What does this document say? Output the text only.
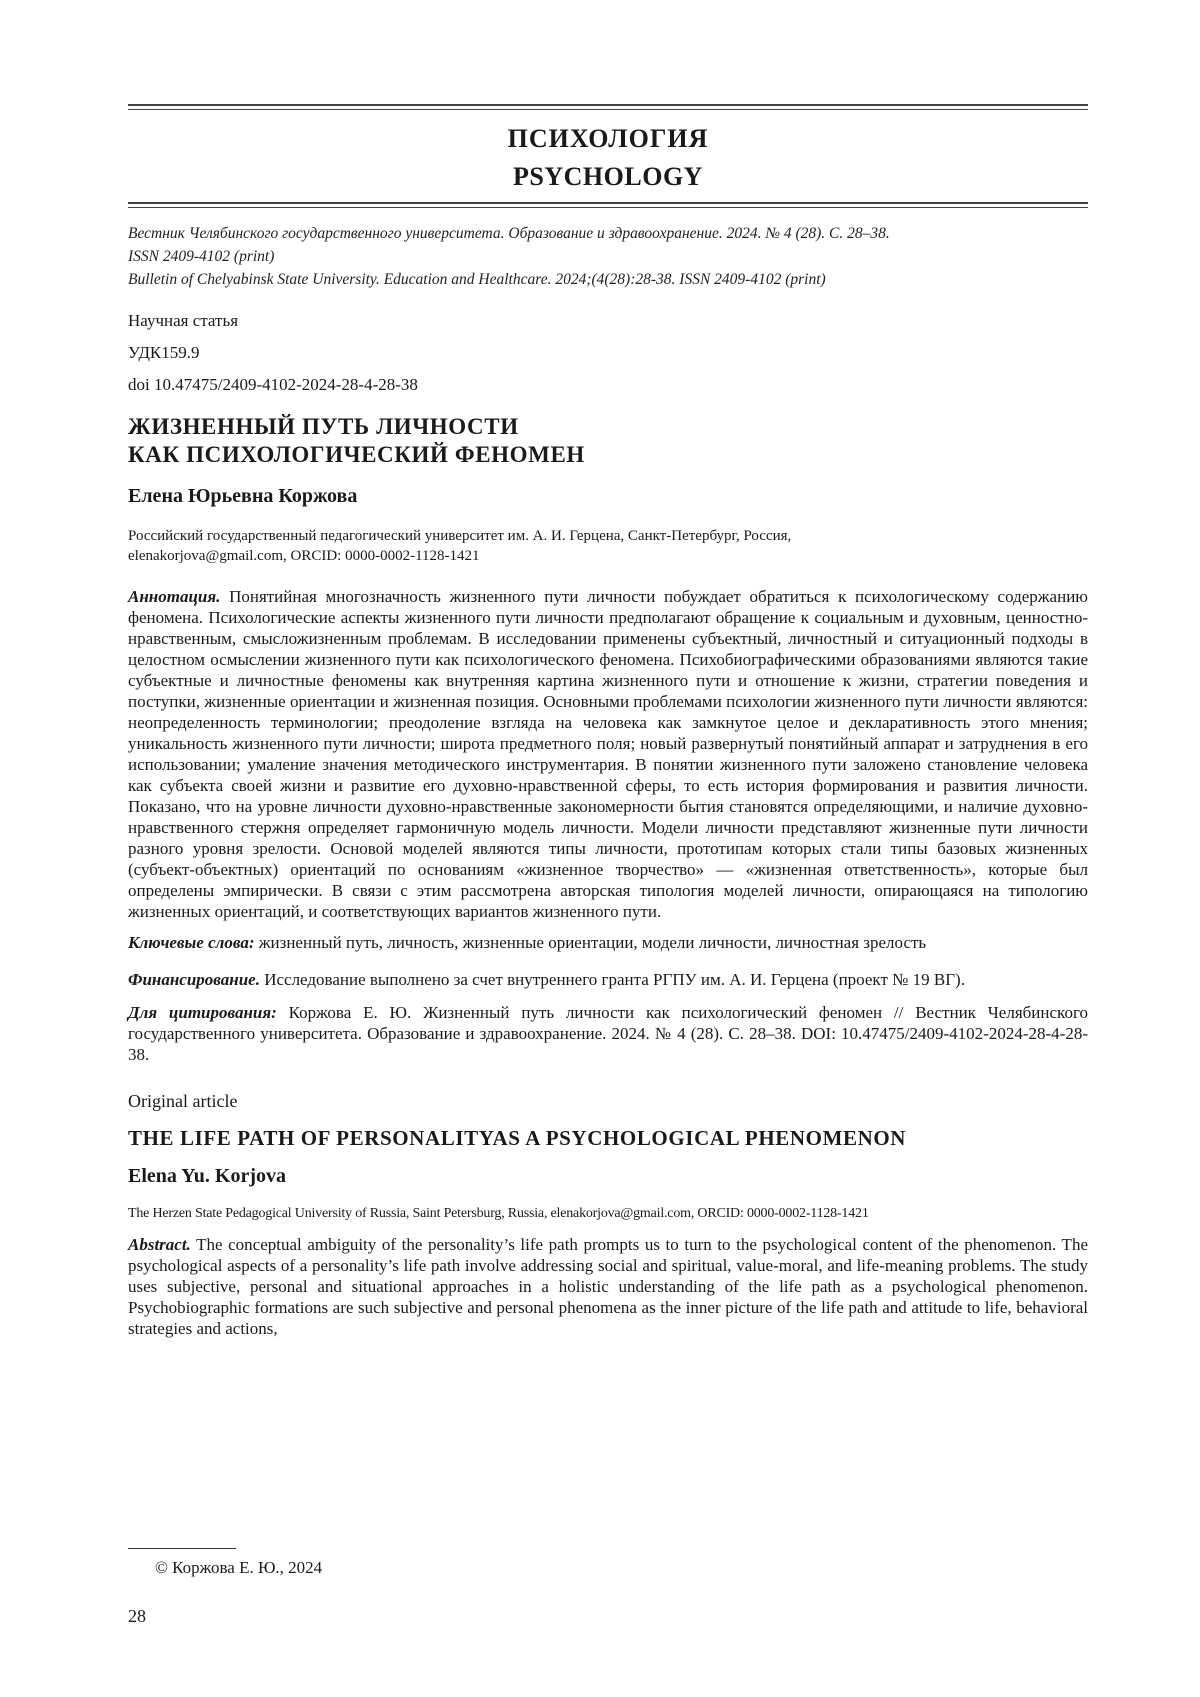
ПСИХОЛОГИЯ
PSYCHOLOGY
Вестник Челябинского государственного университета. Образование и здравоохранение. 2024. № 4 (28). С. 28–38.
ISSN 2409-4102 (print)
Bulletin of Chelyabinsk State University. Education and Healthcare. 2024;(4(28):28-38. ISSN 2409-4102 (print)
Научная статья
УДК159.9
doi 10.47475/2409-4102-2024-28-4-28-38
ЖИЗНЕННЫЙ ПУТЬ ЛИЧНОСТИ
КАК ПСИХОЛОГИЧЕСКИЙ ФЕНОМЕН
Елена Юрьевна Коржова
Российский государственный педагогический университет им. А. И. Герцена, Санкт-Петербург, Россия,
elenakorjova@gmail.com, ORCID: 0000-0002-1128-1421
Аннотация. Понятийная многозначность жизненного пути личности побуждает обратиться к психологическому содержанию феномена. Психологические аспекты жизненного пути личности предполагают обращение к социальным и духовным, ценностно-нравственным, смысложизненным проблемам. В исследовании применены субъектный, личностный и ситуационный подходы в целостном осмыслении жизненного пути как психологического феномена. Психобиографическими образованиями являются такие субъектные и личностные феномены как внутренняя картина жизненного пути и отношение к жизни, стратегии поведения и поступки, жизненные ориентации и жизненная позиция. Основными проблемами психологии жизненного пути личности являются: неопределенность терминологии; преодоление взгляда на человека как замкнутое целое и декларативность этого мнения; уникальность жизненного пути личности; широта предметного поля; новый развернутый понятийный аппарат и затруднения в его использовании; умаление значения методического инструментария. В понятии жизненного пути заложено становление человека как субъекта своей жизни и развитие его духовно-нравственной сферы, то есть история формирования и развития личности. Показано, что на уровне личности духовно-нравственные закономерности бытия становятся определяющими, и наличие духовно-нравственного стержня определяет гармоничную модель личности. Модели личности представляют жизненные пути личности разного уровня зрелости. Основой моделей являются типы личности, прототипам которых стали типы базовых жизненных (субъект-объектных) ориентаций по основаниям «жизненное творчество» — «жизненная ответственность», которые был определены эмпирически. В связи с этим рассмотрена авторская типология моделей личности, опирающаяся на типологию жизненных ориентаций, и соответствующих вариантов жизненного пути.
Ключевые слова: жизненный путь, личность, жизненные ориентации, модели личности, личностная зрелость
Финансирование. Исследование выполнено за счет внутреннего гранта РГПУ им. А. И. Герцена (проект № 19 ВГ).
Для цитирования: Коржова Е. Ю. Жизненный путь личности как психологический феномен // Вестник Челябинского государственного университета. Образование и здравоохранение. 2024. № 4 (28). С. 28–38. DOI: 10.47475/2409-4102-2024-28-4-28-38.
Original article
THE LIFE PATH OF PERSONALITYAS A PSYCHOLOGICAL PHENOMENON
Elena Yu. Korjova
The Herzen State Pedagogical University of Russia, Saint Petersburg, Russia, elenakorjova@gmail.com, ORCID: 0000-0002-1128-1421
Abstract. The conceptual ambiguity of the personality’s life path prompts us to turn to the psychological content of the phenomenon. The psychological aspects of a personality’s life path involve addressing social and spiritual, value-moral, and life-meaning problems. The study uses subjective, personal and situational approaches in a holistic understanding of the life path as a psychological phenomenon. Psychobiographic formations are such subjective and personal phenomena as the inner picture of the life path and attitude to life, behavioral strategies and actions,
© Коржова Е. Ю., 2024
28
